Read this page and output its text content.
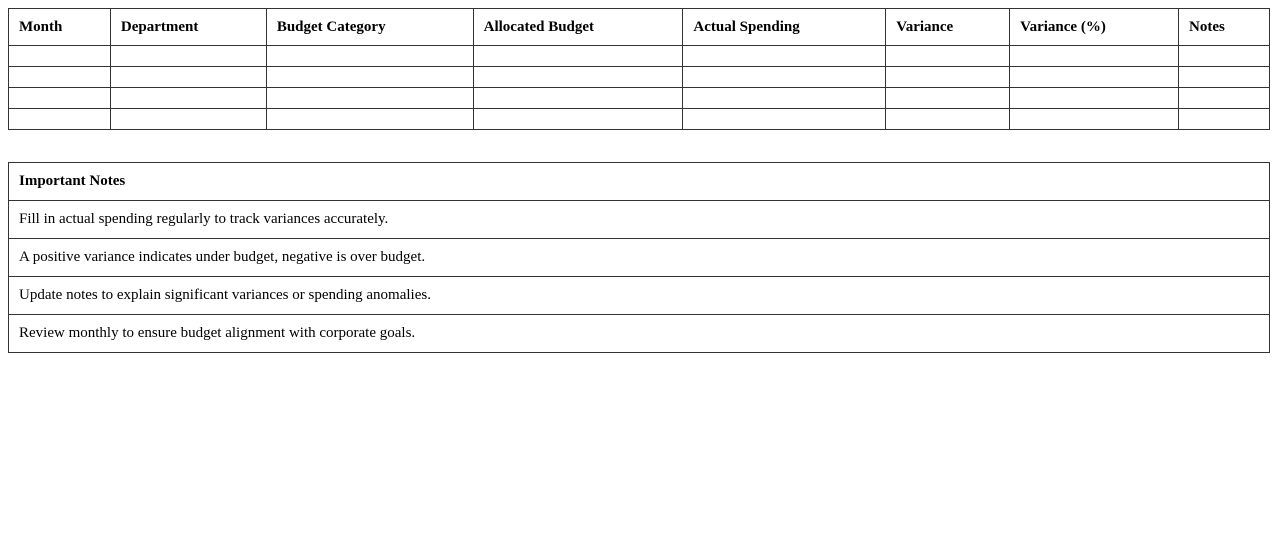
Month	Department	Budget Category	Allocated Budget	Actual Spending	Variance	Variance (%)	Notes

Important Notes
Fill in actual spending regularly to track variances accurately.
A positive variance indicates under budget, negative is over budget.
Update notes to explain significant variances or spending anomalies.
Review monthly to ensure budget alignment with corporate goals.
